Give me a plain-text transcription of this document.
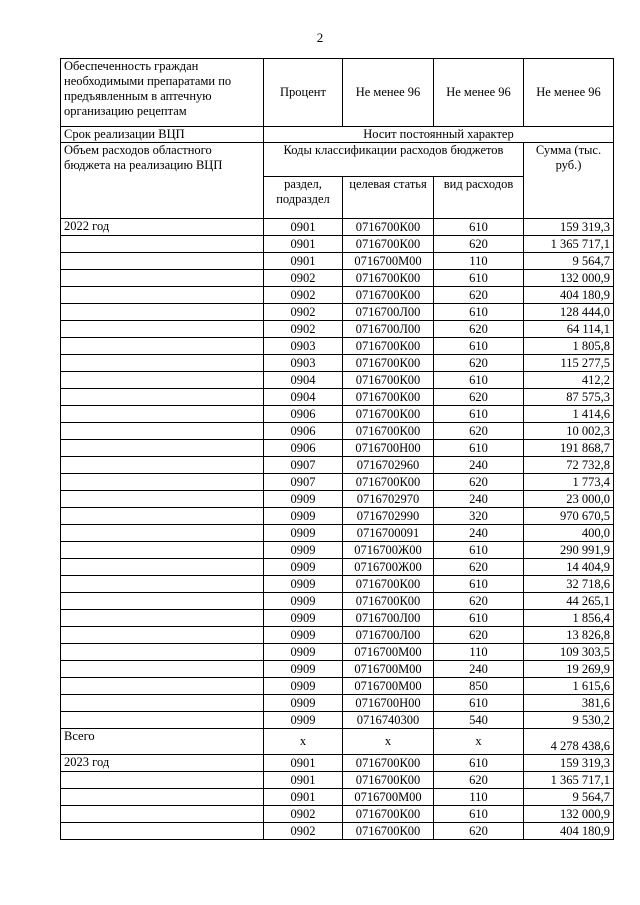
2
Обеспеченность граждан необходимыми препаратами по предъявленным в аптечную организацию рецептам	Процент	Не менее 96	Не менее 96	Не менее 96
Срок реализации ВЦП	Носит постоянный характер			
Объем расходов областного бюджета на реализацию ВЦП	Коды классификации расходов бюджетов			Сумма (тыс. руб.)
	раздел, подраздел	целевая статья	вид расходов	
2022 год	0901	0716700К00	610	159 319,3
	0901	0716700К00	620	1 365 717,1
	0901	0716700М00	110	9 564,7
	0902	0716700К00	610	132 000,9
	0902	0716700К00	620	404 180,9
	0902	0716700Л00	610	128 444,0
	0902	0716700Л00	620	64 114,1
	0903	0716700К00	610	1 805,8
	0903	0716700К00	620	115 277,5
	0904	0716700К00	610	412,2
	0904	0716700К00	620	87 575,3
	0906	0716700К00	610	1 414,6
	0906	0716700К00	620	10 002,3
	0906	0716700Н00	610	191 868,7
	0907	0716702960	240	72 732,8
	0907	0716700К00	620	1 773,4
	0909	0716702970	240	23 000,0
	0909	0716702990	320	970 670,5
	0909	0716700091	240	400,0
	0909	0716700Ж00	610	290 991,9
	0909	0716700Ж00	620	14 404,9
	0909	0716700К00	610	32 718,6
	0909	0716700К00	620	44 265,1
	0909	0716700Л00	610	1 856,4
	0909	0716700Л00	620	13 826,8
	0909	0716700М00	110	109 303,5
	0909	0716700М00	240	19 269,9
	0909	0716700М00	850	1 615,6
	0909	0716700Н00	610	381,6
	0909	0716740300	540	9 530,2
Всего	х	х	х	4 278 438,6
2023 год	0901	0716700К00	610	159 319,3
	0901	0716700К00	620	1 365 717,1
	0901	0716700М00	110	9 564,7
	0902	0716700К00	610	132 000,9
	0902	0716700К00	620	404 180,9
